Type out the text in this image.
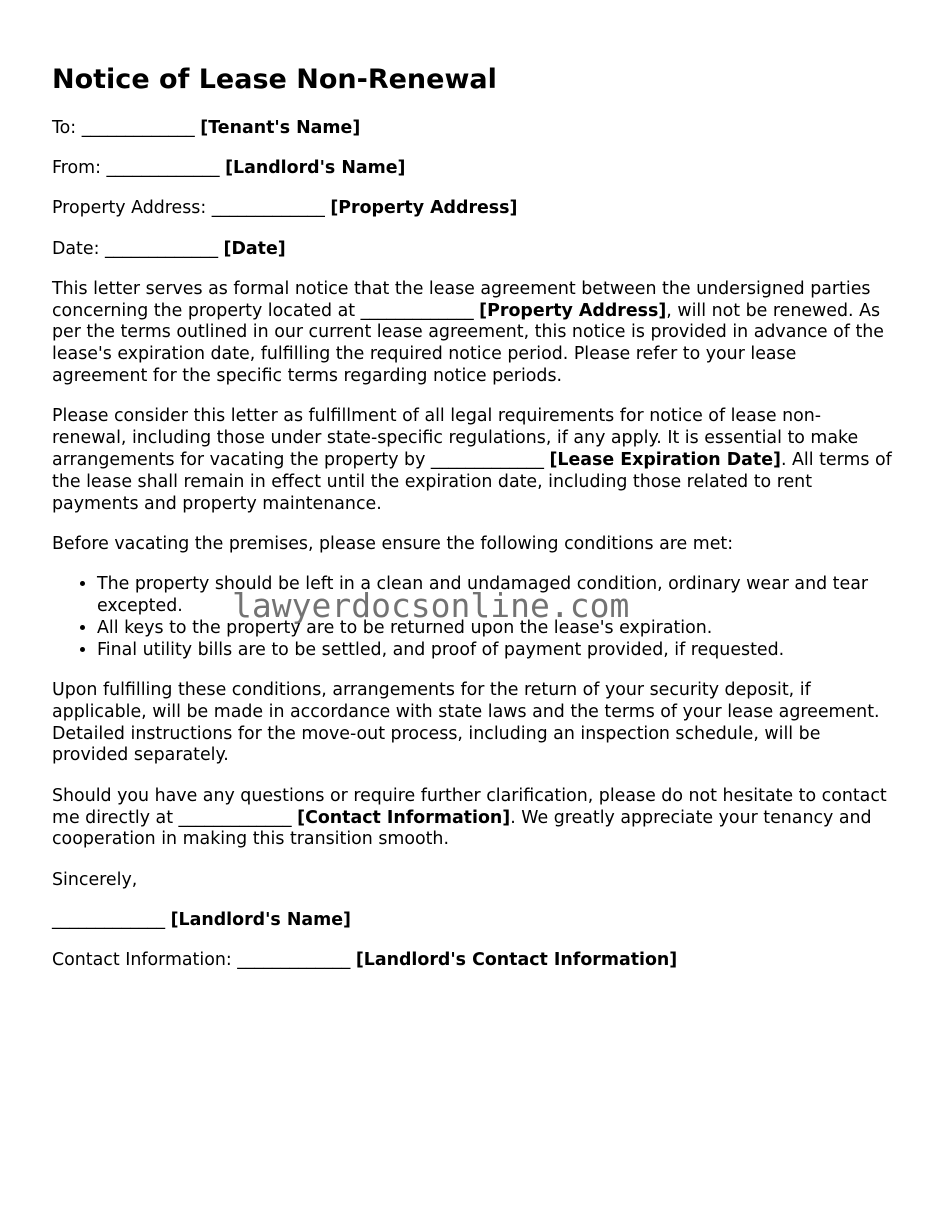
Notice of Lease Non-Renewal

To: _____________ [Tenant's Name]

From: _____________ [Landlord's Name]

Property Address: _____________ [Property Address]

Date: _____________ [Date]

This letter serves as formal notice that the lease agreement between the undersigned parties concerning the property located at _____________ [Property Address], will not be renewed. As per the terms outlined in our current lease agreement, this notice is provided in advance of the lease's expiration date, fulfilling the required notice period. Please refer to your lease agreement for the specific terms regarding notice periods.

Please consider this letter as fulfillment of all legal requirements for notice of lease non-renewal, including those under state-specific regulations, if any apply. It is essential to make arrangements for vacating the property by _____________ [Lease Expiration Date]. All terms of the lease shall remain in effect until the expiration date, including those related to rent payments and property maintenance.

Before vacating the premises, please ensure the following conditions are met:

• The property should be left in a clean and undamaged condition, ordinary wear and tear excepted.
• All keys to the property are to be returned upon the lease's expiration.
• Final utility bills are to be settled, and proof of payment provided, if requested.

Upon fulfilling these conditions, arrangements for the return of your security deposit, if applicable, will be made in accordance with state laws and the terms of your lease agreement. Detailed instructions for the move-out process, including an inspection schedule, will be provided separately.

Should you have any questions or require further clarification, please do not hesitate to contact me directly at _____________ [Contact Information]. We greatly appreciate your tenancy and cooperation in making this transition smooth.

Sincerely,

_____________ [Landlord's Name]

Contact Information: _____________ [Landlord's Contact Information]

lawyerdocsonline.com
